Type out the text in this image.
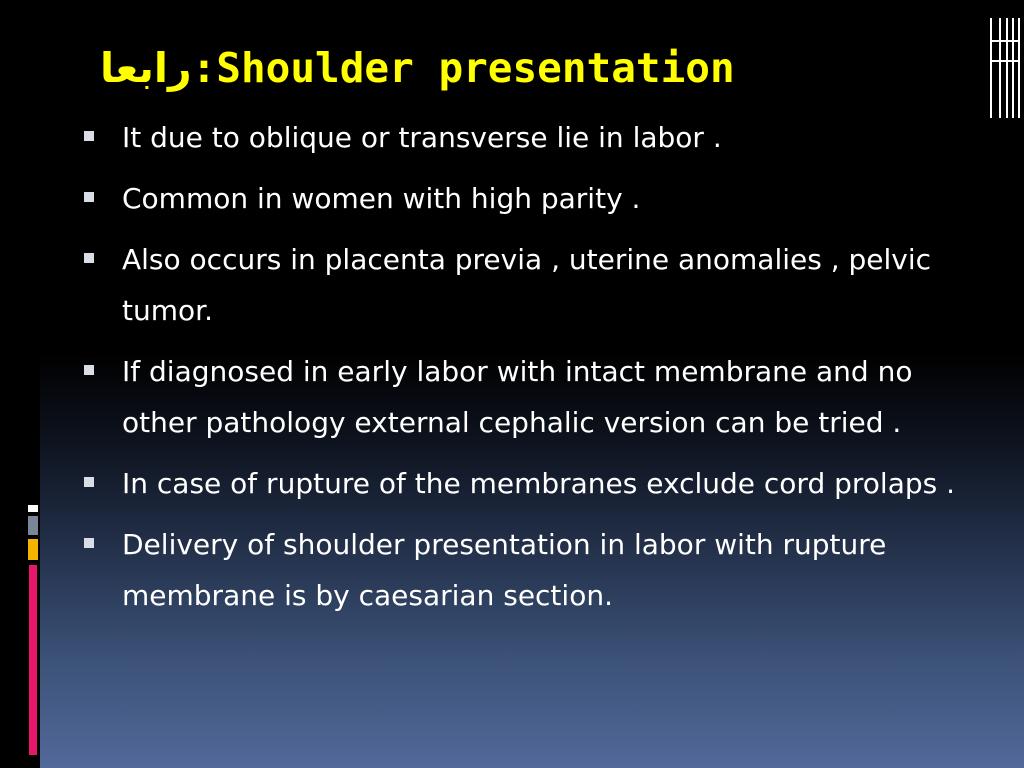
رابعا:Shoulder presentation
It due to oblique or transverse lie in labor .
Common in women with high parity .
Also occurs in placenta previa , uterine anomalies , pelvic tumor.
If diagnosed in early labor with intact membrane and no other pathology external cephalic version can be tried .
In case of rupture of the membranes exclude cord prolaps .
Delivery of shoulder presentation in labor with rupture membrane is by caesarian section.
